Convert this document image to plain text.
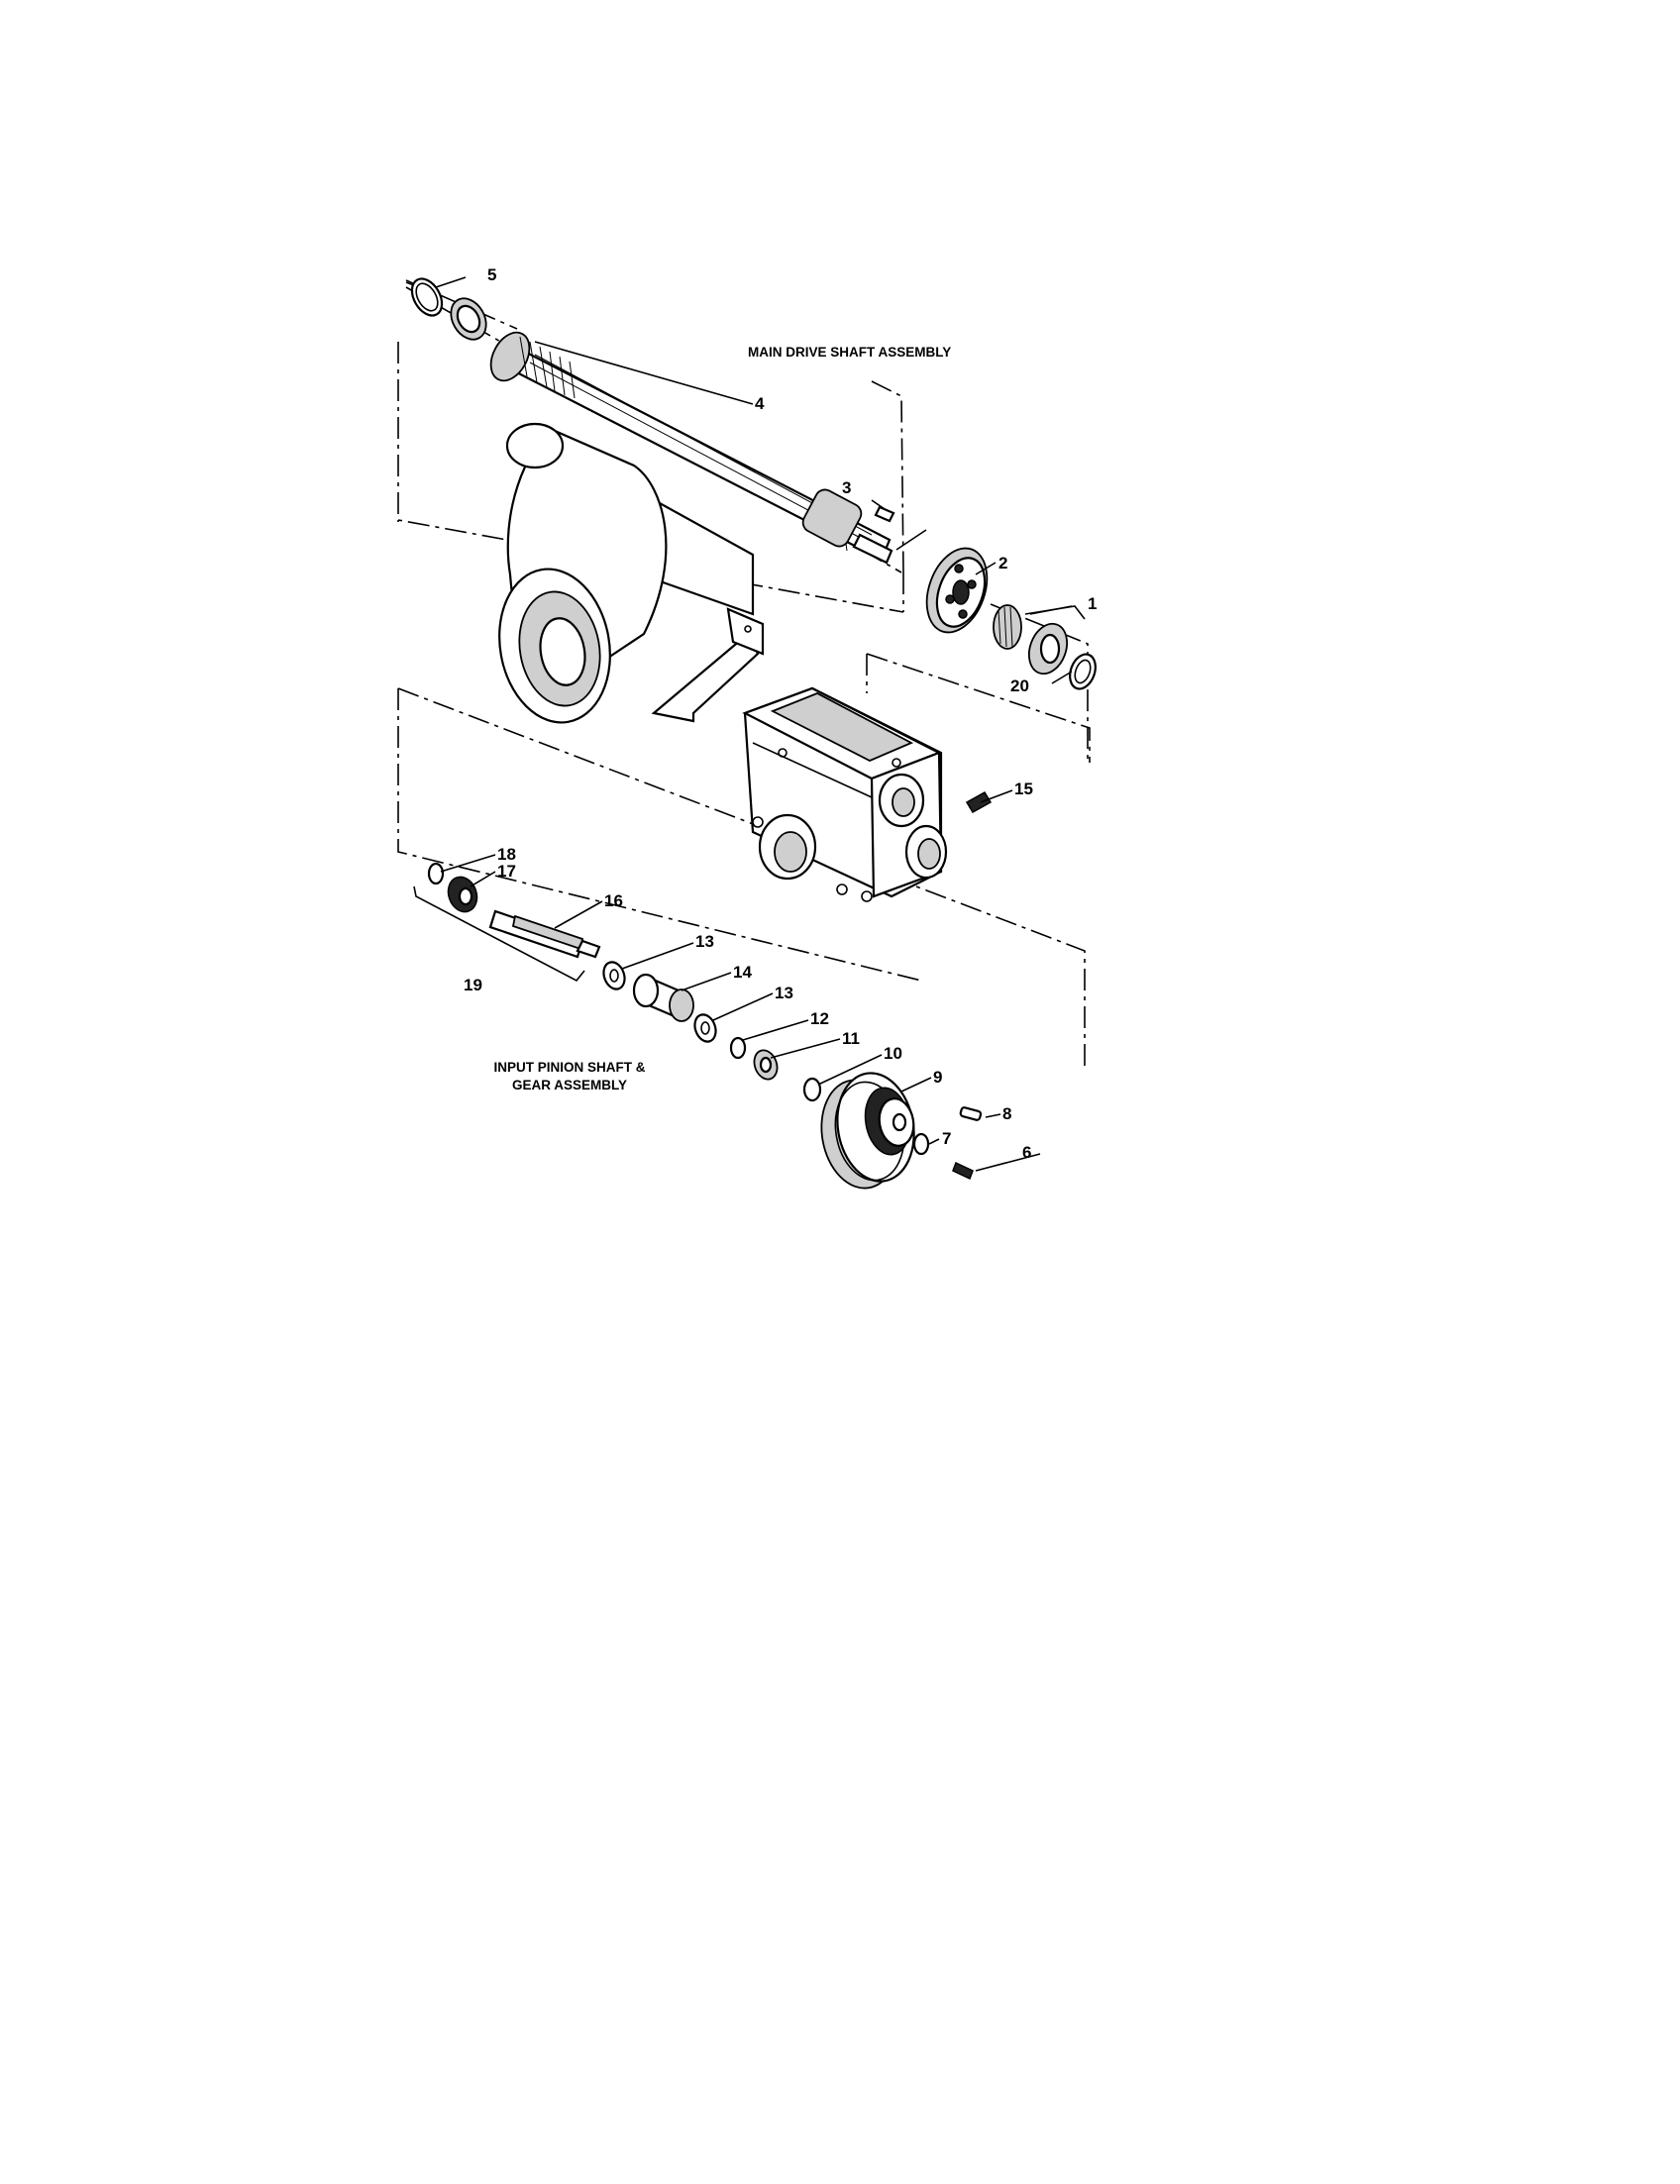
MAIN DRIVE SHAFT ASSEMBLY
INPUT PINION SHAFT &
GEAR ASSEMBLY
1
2
3
4
5
6
7
8
9
10
11
12
13
13
14
15
16
17
18
19
20
